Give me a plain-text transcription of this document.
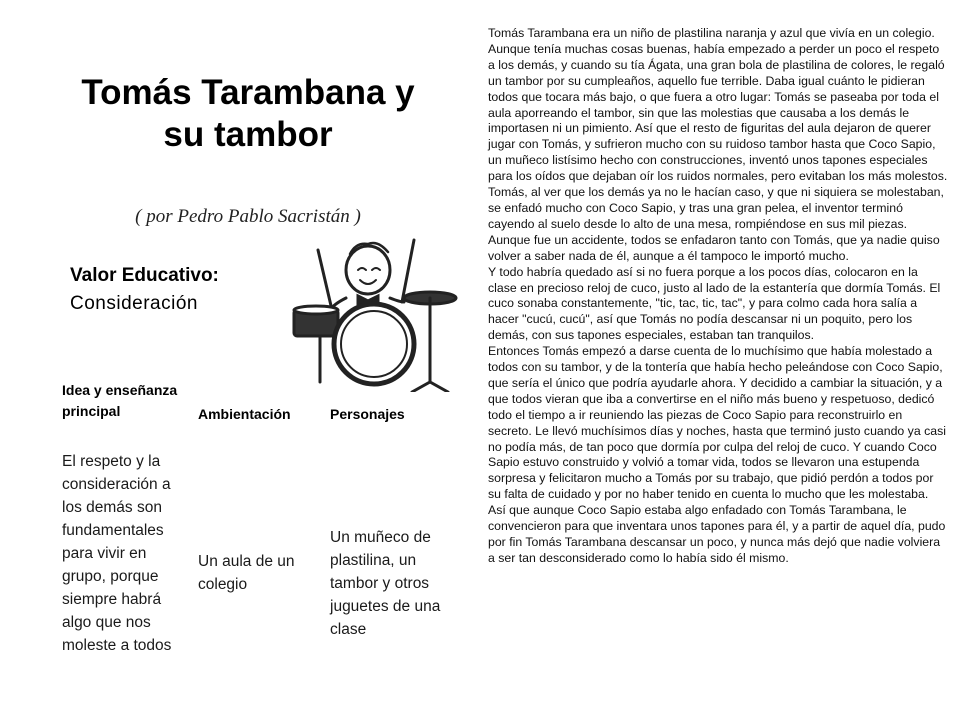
Tomás Tarambana y su tambor
( por Pedro Pablo Sacristán )
Valor Educativo:
Consideración
Idea y enseñanza principal
El respeto y la consideración a los demás son fundamentales para vivir en grupo, porque siempre habrá algo que nos moleste a todos
Ambientación
Un aula de un colegio
Personajes
Un muñeco de plastilina, un tambor y otros juguetes de una clase

Tomás Tarambana era un niño de plastilina naranja y azul que vivía en un colegio. Aunque tenía muchas cosas buenas, había empezado a perder un poco el respeto a los demás, y cuando su tía Ágata, una gran bola de plastilina de colores, le regaló un tambor por su cumpleaños, aquello fue terrible. Daba igual cuánto le pidieran todos que tocara más bajo, o que fuera a otro lugar: Tomás se paseaba por toda el aula aporreando el tambor, sin que las molestias que causaba a los demás le importasen ni un pimiento. Así que el resto de figuritas del aula dejaron de querer jugar con Tomás, y sufrieron mucho con su ruidoso tambor hasta que Coco Sapio, un muñeco listísimo hecho con construcciones, inventó unos tapones especiales para los oídos que dejaban oír los ruidos normales, pero evitaban los más molestos.

Tomás, al ver que los demás ya no le hacían caso, y que ni siquiera se molestaban, se enfadó mucho con Coco Sapio, y tras una gran pelea, el inventor terminó cayendo al suelo desde lo alto de una mesa, rompiéndose en sus mil piezas. Aunque fue un accidente, todos se enfadaron tanto con Tomás, que ya nadie quiso volver a saber nada de él, aunque a él tampoco le importó mucho.

Y todo habría quedado así si no fuera porque a los pocos días, colocaron en la clase en precioso reloj de cuco, justo al lado de la estantería que dormía Tomás. El cuco sonaba constantemente, "tic, tac, tic, tac", y para colmo cada hora salía a hacer "cucú, cucú", así que Tomás no podía descansar ni un poquito, pero los demás, con sus tapones especiales, estaban tan tranquilos.

Entonces Tomás empezó a darse cuenta de lo muchísimo que había molestado a todos con su tambor, y de la tontería que había hecho peleándose con Coco Sapio, que sería el único que podría ayudarle ahora. Y decidido a cambiar la situación, y a que todos vieran que iba a convertirse en el niño más bueno y respetuoso, dedicó todo el tiempo a ir reuniendo las piezas de Coco Sapio para reconstruirlo en secreto. Le llevó muchísimos días y noches, hasta que terminó justo cuando ya casi no podía más, de tan poco que dormía por culpa del reloj de cuco. Y cuando Coco Sapio estuvo construido y volvió a tomar vida, todos se llevaron una estupenda sorpresa y felicitaron mucho a Tomás por su trabajo, que pidió perdón a todos por su falta de cuidado y por no haber tenido en cuenta lo mucho que les molestaba. Así que aunque Coco Sapio estaba algo enfadado con Tomás Tarambana, le convencieron para que inventara unos tapones para él, y a partir de aquel día, pudo por fin Tomás Tarambana descansar un poco, y nunca más dejó que nadie volviera a ser tan desconsiderado como lo había sido él mismo.
